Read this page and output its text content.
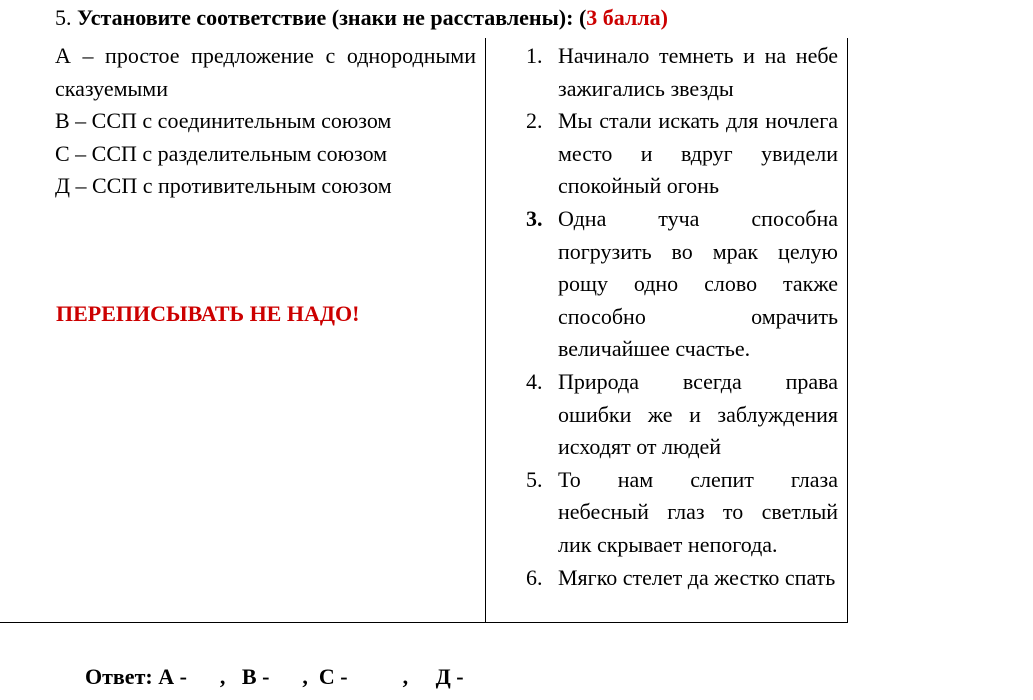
5. Установите соответствие (знаки не расставлены): (3 балла)
А – простое предложение с однородными сказуемыми
В – ССП с соединительным союзом
С – ССП с разделительным союзом
Д – ССП с противительным союзом
ПЕРЕПИСЫВАТЬ НЕ НАДО!
1. Начинало темнеть и на небе зажигались звезды
2. Мы стали искать для ночлега место и вдруг увидели спокойный огонь
3. Одна туча способна погрузить во мрак целую рощу одно слово также способно омрачить величайшее счастье.
4. Природа всегда права ошибки же и заблуждения исходят от людей
5. То нам слепит глаза небесный глаз то светлый лик скрывает непогода.
6. Мягко стелет да жестко спать
Ответ: А - , В - , С -	, Д -
